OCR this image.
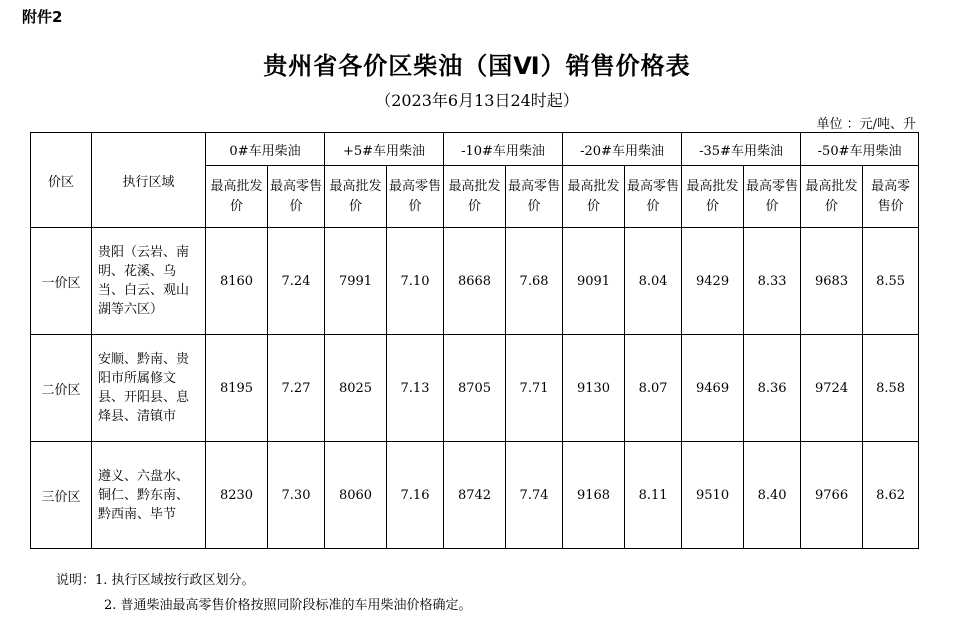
附件2
贵州省各价区柴油（国Ⅵ）销售价格表
（2023年6月13日24时起）
单位 ：元/吨、升
价区	执行区域	0#车用柴油		+5#车用柴油		-10#车用柴油		-20#车用柴油		-35#车用柴油		-50#车用柴油	
		最高批发价	最高零售价	最高批发价	最高零售价	最高批发价	最高零售价	最高批发价	最高零售价	最高批发价	最高零售价	最高批发价	最高零售价
一价区	贵阳（云岩、南明、花溪、乌当、白云、观山湖等六区）	8160	7.24	7991	7.10	8668	7.68	9091	8.04	9429	8.33	9683	8.55
二价区	安顺、黔南、贵阳市所属修文县、开阳县、息烽县、清镇市	8195	7.27	8025	7.13	8705	7.71	9130	8.07	9469	8.36	9724	8.58
三价区	遵义、六盘水、铜仁、黔东南、黔西南、毕节	8230	7.30	8060	7.16	8742	7.74	9168	8.11	9510	8.40	9766	8.62
说明：1. 执行区域按行政区划分。
2. 普通柴油最高零售价格按照同阶段标准的车用柴油价格确定。
